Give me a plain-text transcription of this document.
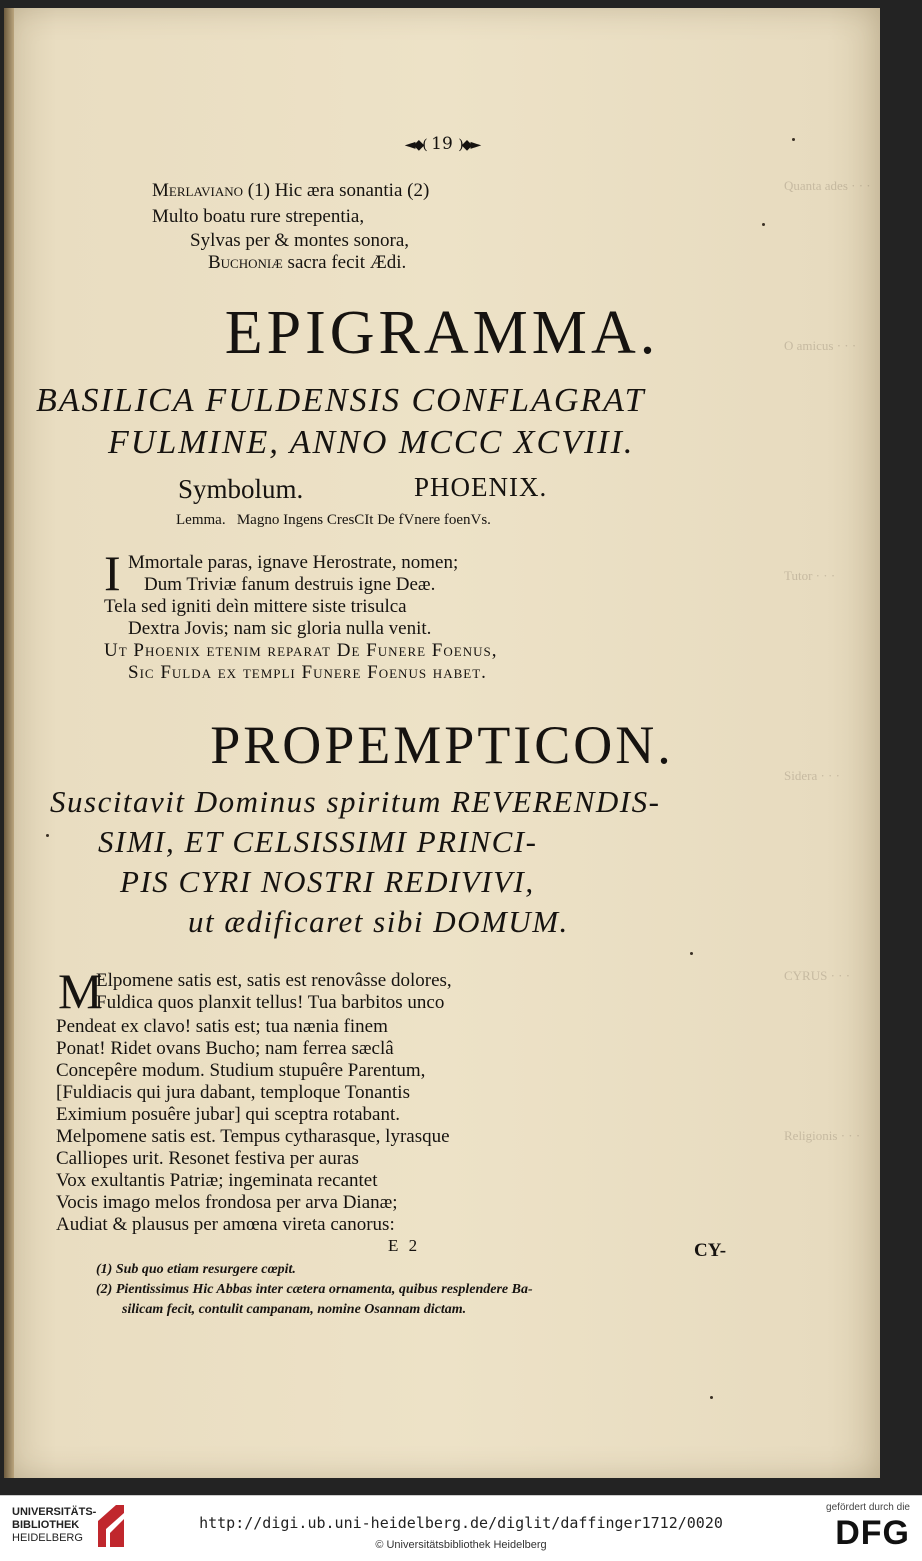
Quanta ades · · ·
O amicus · · ·
Tutor · · ·
Sidera · · ·
CYRUS · · ·
Religionis · · ·
◄◆( 19 )◆►
Merlaviano (1) Hic æra sonantia (2)
Multo boatu rure strepentia,
Sylvas per & montes sonora,
Buchoniæ sacra fecit Ædi.
EPIGRAMMA.
BASILICA FULDENSIS CONFLAGRAT
FULMINE, ANNO MCCC XCVIII.
Symbolum.	PHOENIX.
Lemma. Magno Ingens CresCIt De fVnere foenVs.
I Mmortale paras, ignave Herostrate, nomen;
Dum Triviæ fanum destruis igne Deæ.
Tela sed igniti deìn mittere siste trisulca
Dextra Jovis; nam sic gloria nulla venit.
Ut Phoenix etenim reparat De Funere Foenus,
Sic Fulda ex templi Funere Foenus habet.
PROPEMPTICON.
Suscitavit Dominus spiritum REVERENDIS-
SIMI, ET CELSISSIMI PRINCI-
PIS CYRI NOSTRI REDIVIVI,
ut ædificaret sibi DOMUM.
M
Elpomene satis est, satis est renovâsse dolores,
Fuldica quos planxit tellus! Tua barbitos unco
Pendeat ex clavo! satis est; tua næniа finem
Ponat! Ridet ovans Bucho; nam ferrea sæclâ
Concepêre modum. Studium stupuêre Parentum,
[Fuldiacis qui jura dabant, temploque Tonantis
Eximium posuêre jubar] qui sceptra rotabant.
Melpomene satis est. Tempus cytharasque, lyrasque
Calliopes urit. Resonet festiva per auras
Vox exultantis Patriæ; ingeminata recantet
Vocis imago melos frondosa per arva Dianæ;
Audiat & plausus per amœna vireta canorus:
E 2	CY-
(1) Sub quo etiam resurgere cœpit.
(2) Pientissimus Hic Abbas inter cætera ornamenta, quibus resplendere Ba-
silicam fecit, contulit campanam, nomine Osannam dictam.
UNIVERSITÄTS-
BIBLIOTHEK
HEIDELBERG
http://digi.ub.uni-heidelberg.de/diglit/daffinger1712/0020
© Universitätsbibliothek Heidelberg
gefördert durch die
DFG
